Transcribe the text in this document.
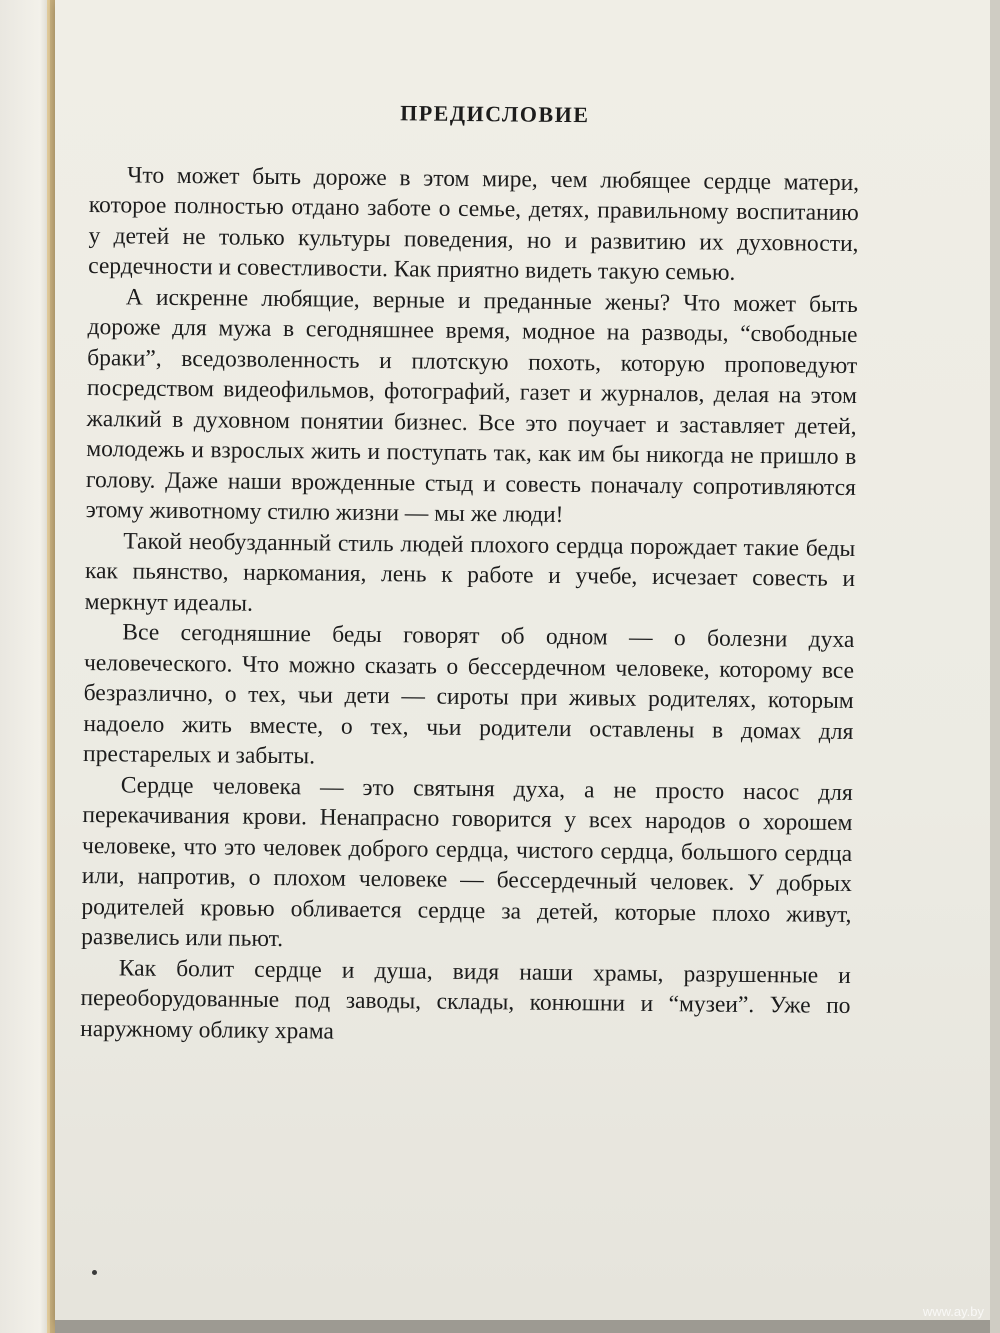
ПРЕДИСЛОВИЕ

Что может быть дороже в этом мире, чем любящее сердце матери, которое полностью отдано заботе о семье, детях, правильному воспитанию у детей не только культуры поведения, но и развитию их духовности, сердечности и совестливости. Как приятно видеть такую семью.

А искренне любящие, верные и преданные жены? Что может быть дороже для мужа в сегодняшнее время, модное на разводы, “свободные браки”, вседозволенность и плотскую похоть, которую проповедуют посредством видеофильмов, фотографий, газет и журналов, делая на этом жалкий в духовном понятии бизнес. Все это поучает и заставляет детей, молодежь и взрослых жить и поступать так, как им бы никогда не пришло в голову. Даже наши врожденные стыд и совесть поначалу сопротивляются этому животному стилю жизни — мы же люди!

Такой необузданный стиль людей плохого сердца порождает такие беды как пьянство, наркомания, лень к работе и учебе, исчезает совесть и меркнут идеалы.

Все сегодняшние беды говорят об одном — о болезни духа человеческого. Что можно сказать о бессердечном человеке, которому все безразлично, о тех, чьи дети — сироты при живых родителях, которым надоело жить вместе, о тех, чьи родители оставлены в домах для престарелых и забыты.

Сердце человека — это святыня духа, а не просто насос для перекачивания крови. Ненапрасно говорится у всех народов о хорошем человеке, что это человек доброго сердца, чистого сердца, большого сердца или, напротив, о плохом человеке — бессердечный человек. У добрых родителей кровью обливается сердце за детей, которые плохо живут, развелись или пьют.

Как болит сердце и душа, видя наши храмы, разрушенные и переоборудованные под заводы, склады, конюшни и “музеи”. Уже по наружному облику храма

www.ay.by
